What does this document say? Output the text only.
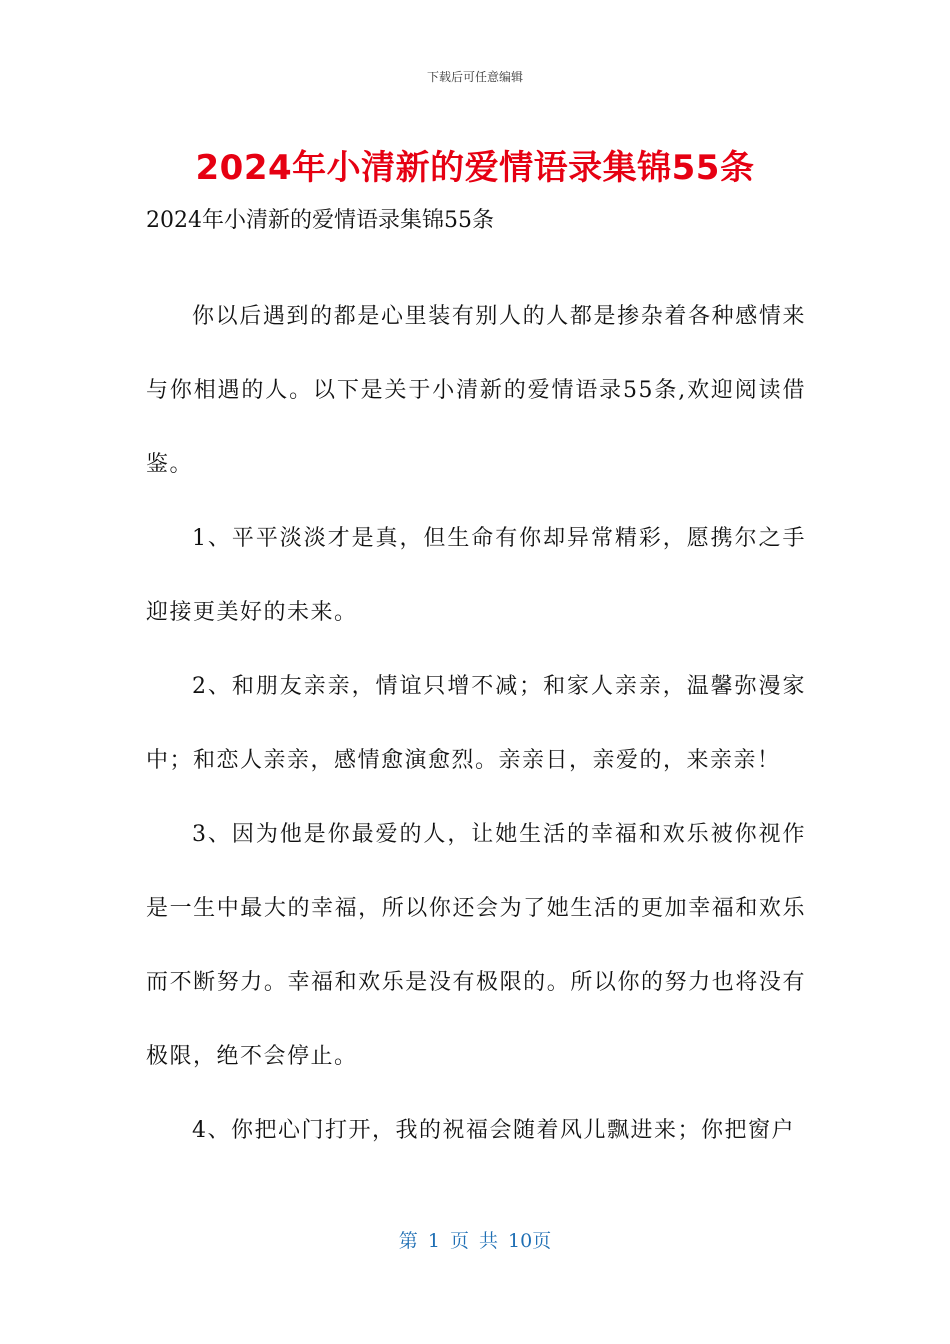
下载后可任意编辑
2024年小清新的爱情语录集锦55条

2024年小清新的爱情语录集锦55条

你以后遇到的都是心里装有别人的人都是掺杂着各种感情来与你相遇的人。以下是关于小清新的爱情语录55条,欢迎阅读借鉴。

1、平平淡淡才是真，但生命有你却异常精彩，愿携尔之手迎接更美好的未来。

2、和朋友亲亲，情谊只增不减；和家人亲亲，温馨弥漫家中；和恋人亲亲，感情愈演愈烈。亲亲日，亲爱的，来亲亲！

3、因为他是你最爱的人，让她生活的幸福和欢乐被你视作是一生中最大的幸福，所以你还会为了她生活的更加幸福和欢乐而不断努力。幸福和欢乐是没有极限的。所以你的努力也将没有极限，绝不会停止。

4、你把心门打开，我的祝福会随着风儿飘进来；你把窗户

第 1 页 共 10页
